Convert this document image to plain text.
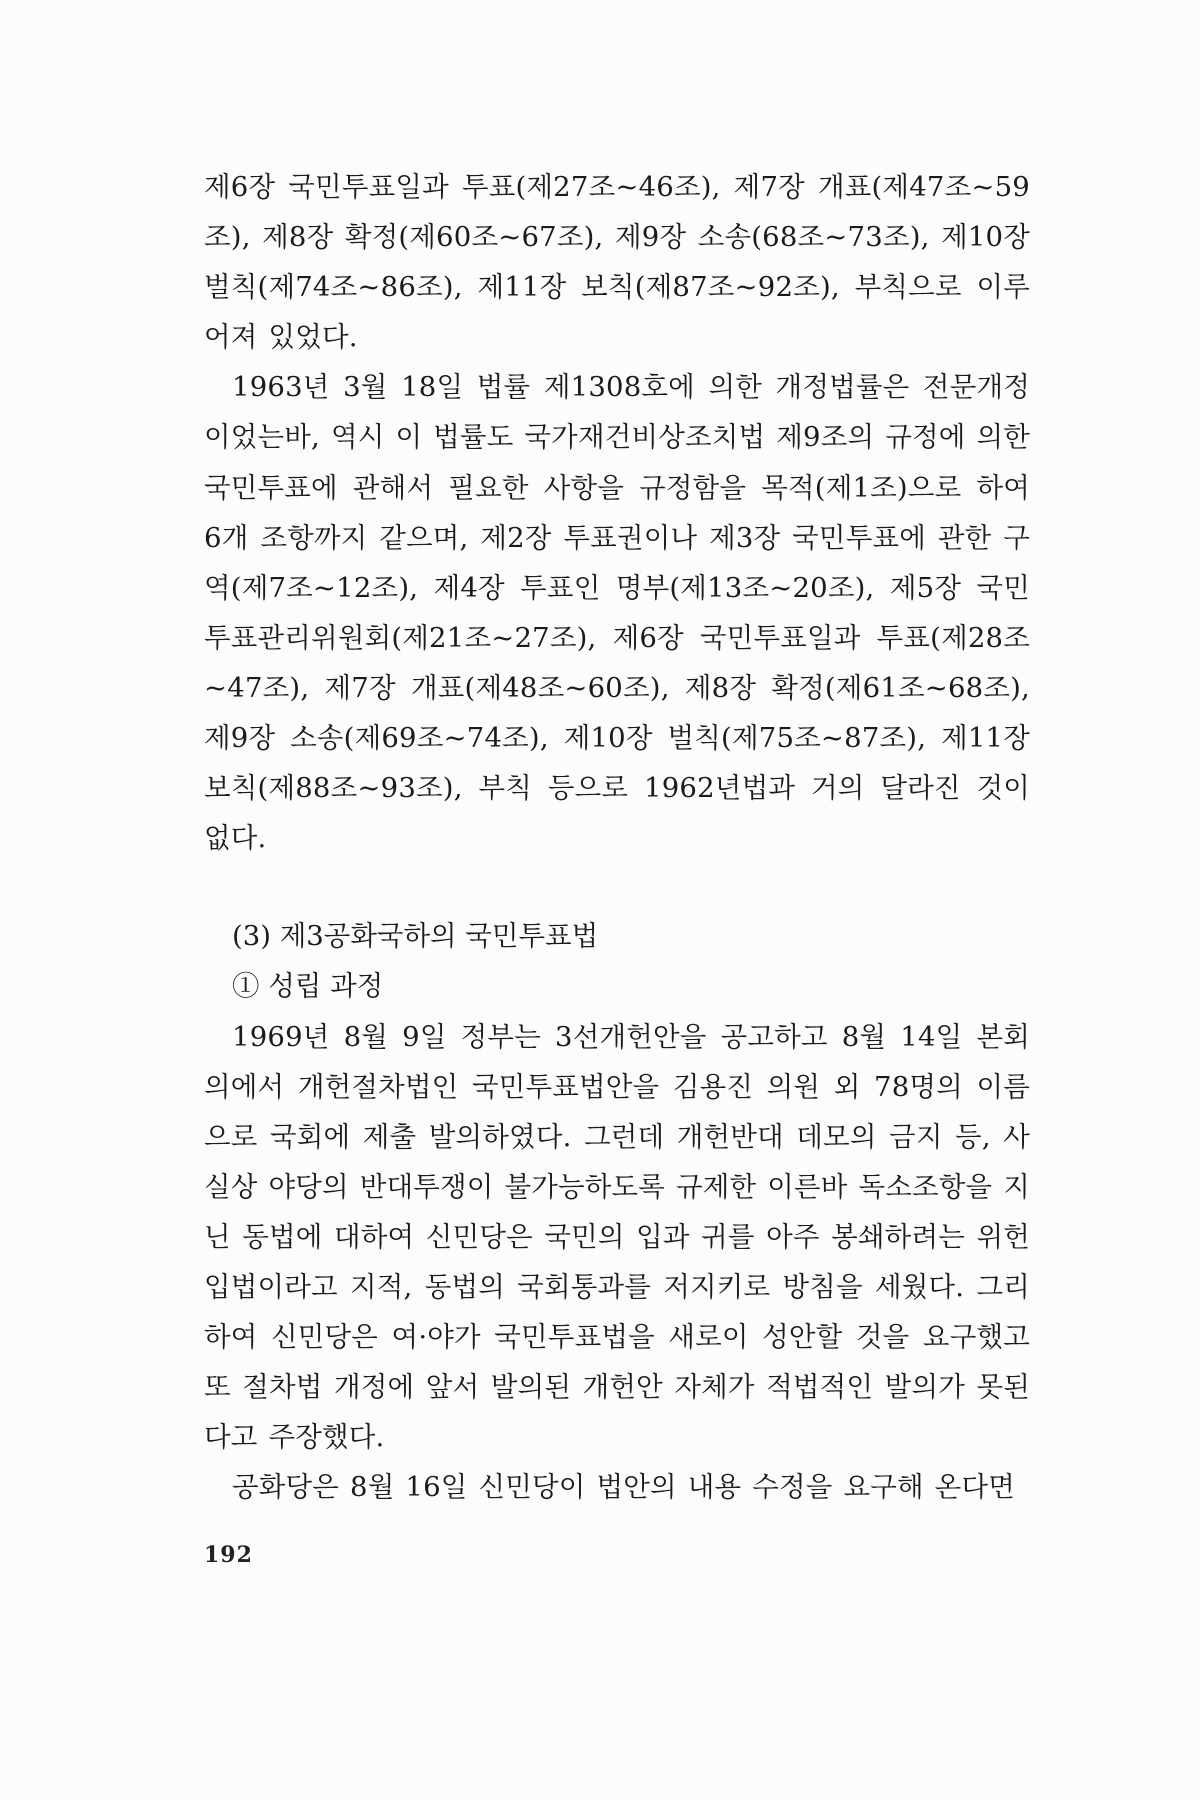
제6장 국민투표일과 투표(제27조~46조), 제7장 개표(제47조~59조), 제8장 확정(제60조~67조), 제9장 소송(68조~73조), 제10장 벌칙(제74조~86조), 제11장 보칙(제87조~92조), 부칙으로 이루어져 있었다.

1963년 3월 18일 법률 제1308호에 의한 개정법률은 전문개정이었는바, 역시 이 법률도 국가재건비상조치법 제9조의 규정에 의한 국민투표에 관해서 필요한 사항을 규정함을 목적(제1조)으로 하여 6개 조항까지 같으며, 제2장 투표권이나 제3장 국민투표에 관한 구역(제7조~12조), 제4장 투표인 명부(제13조~20조), 제5장 국민투표관리위원회(제21조~27조), 제6장 국민투표일과 투표(제28조~47조), 제7장 개표(제48조~60조), 제8장 확정(제61조~68조), 제9장 소송(제69조~74조), 제10장 벌칙(제75조~87조), 제11장 보칙(제88조~93조), 부칙 등으로 1962년법과 거의 달라진 것이 없다.

(3) 제3공화국하의 국민투표법

① 성립 과정

1969년 8월 9일 정부는 3선개헌안을 공고하고 8월 14일 본회의에서 개헌절차법인 국민투표법안을 김용진 의원 외 78명의 이름으로 국회에 제출 발의하였다. 그런데 개헌반대 데모의 금지 등, 사실상 야당의 반대투쟁이 불가능하도록 규제한 이른바 독소조항을 지닌 동법에 대하여 신민당은 국민의 입과 귀를 아주 봉쇄하려는 위헌 입법이라고 지적, 동법의 국회통과를 저지키로 방침을 세웠다. 그리하여 신민당은 여·야가 국민투표법을 새로이 성안할 것을 요구했고 또 절차법 개정에 앞서 발의된 개헌안 자체가 적법적인 발의가 못된다고 주장했다.

공화당은 8월 16일 신민당이 법안의 내용 수정을 요구해 온다면

192
